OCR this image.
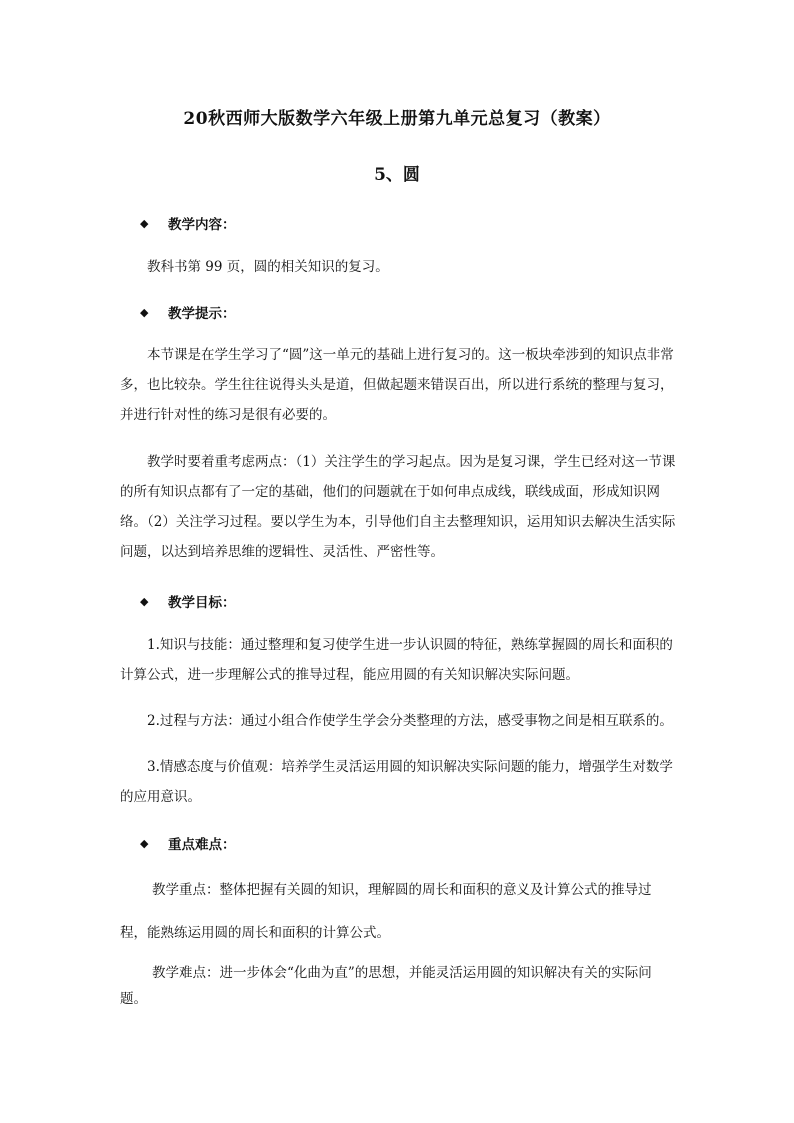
20秋西师大版数学六年级上册第九单元总复习（教案）
5、圆
◆	教学内容：

教科书第 99 页，圆的相关知识的复习。

◆	教学提示：

本节课是在学生学习了“圆”这一单元的基础上进行复习的。这一板块牵涉到的知识点非常多，也比较杂。学生往往说得头头是道，但做起题来错误百出，所以进行系统的整理与复习，并进行针对性的练习是很有必要的。

教学时要着重考虑两点：（1）关注学生的学习起点。因为是复习课，学生已经对这一节课的所有知识点都有了一定的基础，他们的问题就在于如何串点成线，联线成面，形成知识网络。（2）关注学习过程。要以学生为本，引导他们自主去整理知识，运用知识去解决生活实际问题，以达到培养思维的逻辑性、灵活性、严密性等。

◆	教学目标：

1.知识与技能：通过整理和复习使学生进一步认识圆的特征，熟练掌握圆的周长和面积的计算公式，进一步理解公式的推导过程，能应用圆的有关知识解决实际问题。

2.过程与方法：通过小组合作使学生学会分类整理的方法，感受事物之间是相互联系的。

3.情感态度与价值观：培养学生灵活运用圆的知识解决实际问题的能力，增强学生对数学的应用意识。

◆	重点难点：
教学重点：整体把握有关圆的知识，理解圆的周长和面积的意义及计算公式的推导过
程，能熟练运用圆的周长和面积的计算公式。

教学难点：进一步体会“化曲为直”的思想，并能灵活运用圆的知识解决有关的实际问题。
